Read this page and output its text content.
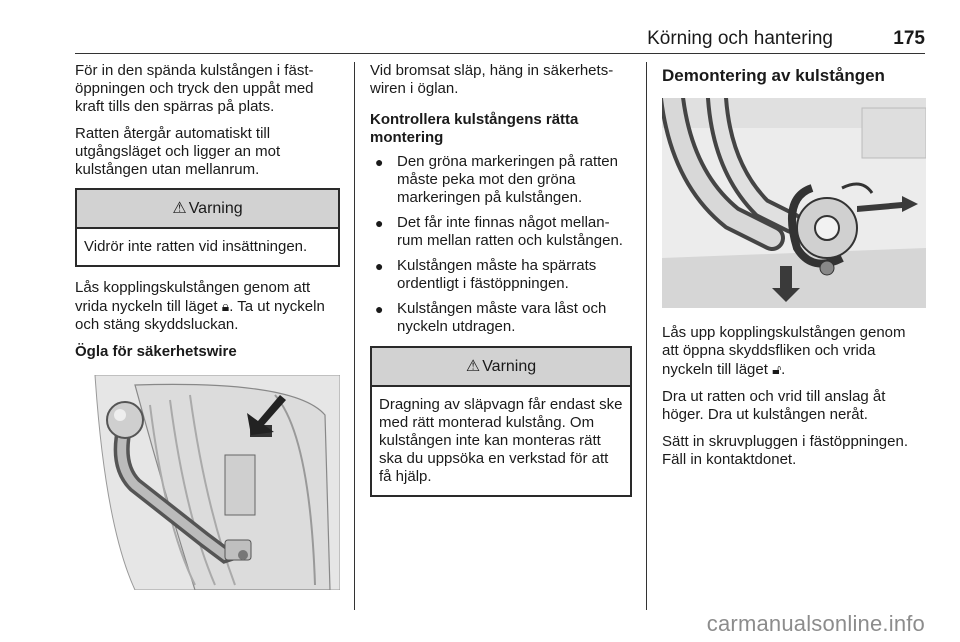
Körning och hantering	175

För in den spända kulstången i fäst- öppningen och tryck den uppåt med kraft tills den spärras på plats.

Ratten återgår automatiskt till utgångsläget och ligger an mot kulstången utan mellanrum.

⚠ Varning
Vidrör inte ratten vid insättningen.

Lås kopplingskulstången genom att vrida nyckeln till läget 🔒︎. Ta ut nyckeln och stäng skyddsluckan.

Ögla för säkerhetswire

Vid bromsat släp, häng in säkerhets- wiren i öglan.

Kontrollera kulstångens rätta montering
● Den gröna markeringen på ratten måste peka mot den gröna markeringen på kulstången.
● Det får inte finnas något mellan- rum mellan ratten och kulstången.
● Kulstången måste ha spärrats ordentligt i fästöppningen.
● Kulstången måste vara låst och nyckeln utdragen.
⚠ Varning
Dragning av släpvagn får endast ske med rätt monterad kulstång. Om kulstången inte kan monteras rätt ska du uppsöka en verkstad för att få hjälp.
Demontering av kulstången

Lås upp kopplingskulstången genom att öppna skyddsfliken och vrida nyckeln till läget 🔓︎.

Dra ut ratten och vrid till anslag åt höger. Dra ut kulstången neråt.

Sätt in skruvpluggen i fästöppningen. Fäll in kontaktdonet.

carmanualsonline.info
